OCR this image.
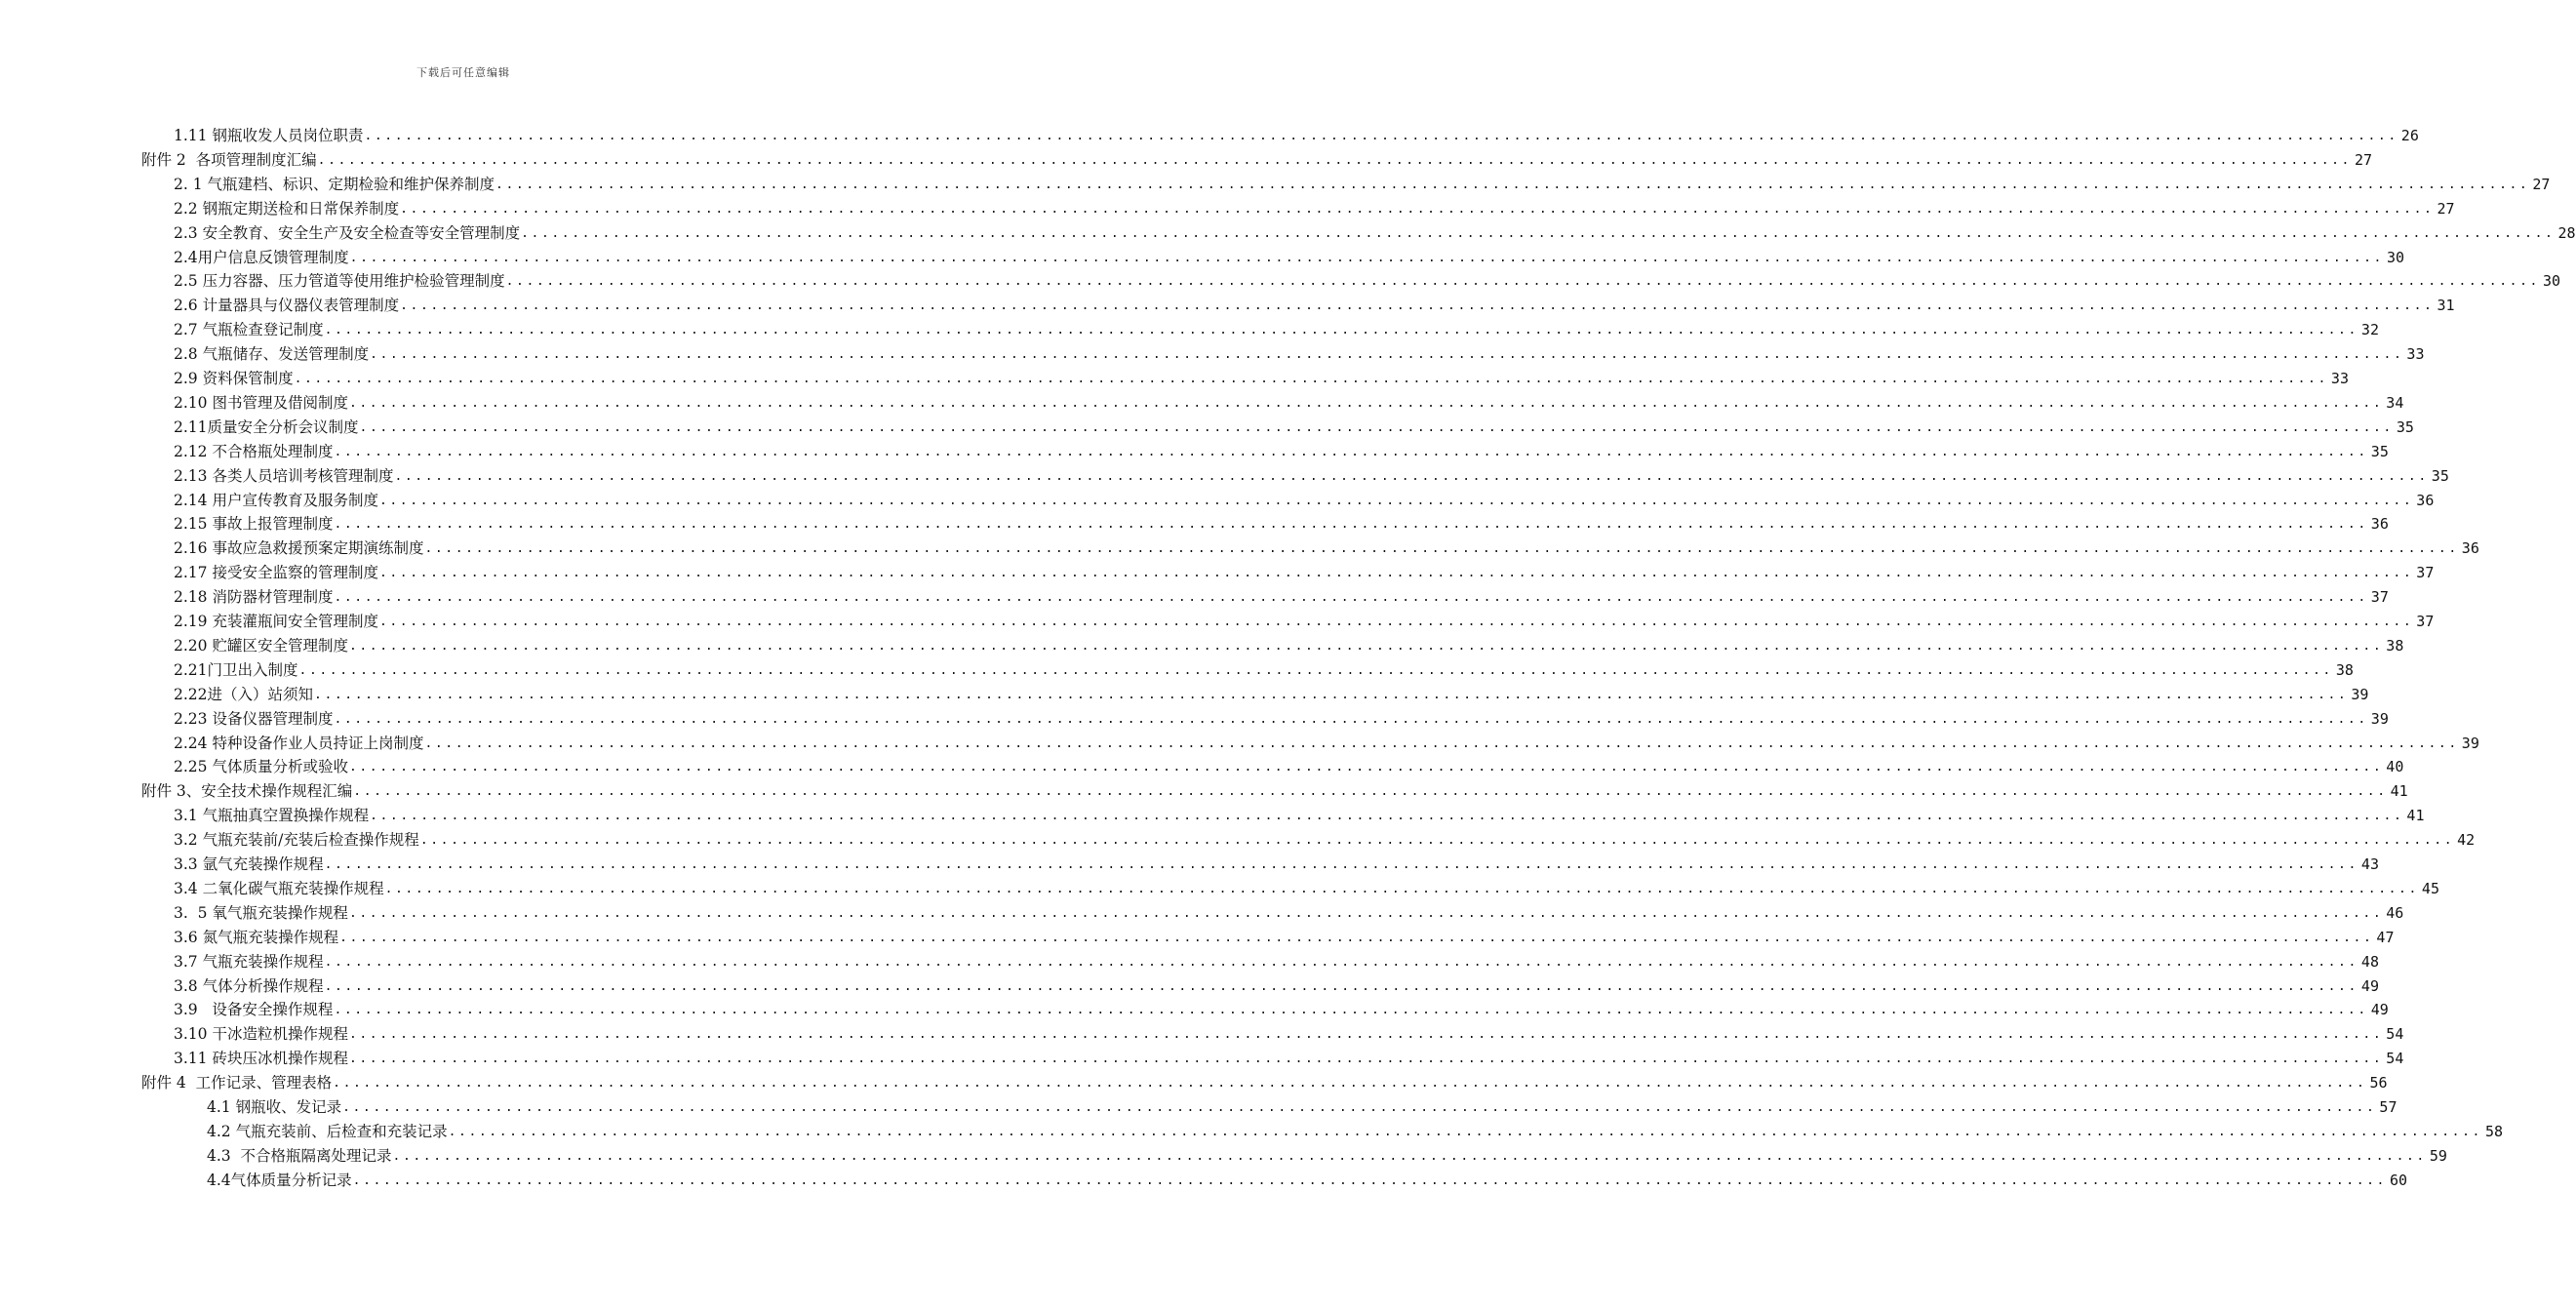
下载后可任意编辑
1.11 钢瓶收发人员岗位职责 ........................................................................................................................................................................................................ 26
附件 2  各项管理制度汇编 ........................................................................................................................................................................................................ 27
2. 1 气瓶建档、标识、定期检验和维护保养制度 ........................................................................................................................................................................................................ 27
2.2 钢瓶定期送检和日常保养制度 ........................................................................................................................................................................................................ 27
2.3 安全教育、安全生产及安全检查等安全管理制度 ........................................................................................................................................................................................................ 28
2.4用户信息反馈管理制度 ........................................................................................................................................................................................................ 30
2.5 压力容器、压力管道等使用维护检验管理制度 ........................................................................................................................................................................................................ 30
2.6 计量器具与仪器仪表管理制度 ........................................................................................................................................................................................................ 31
2.7 气瓶检查登记制度 ........................................................................................................................................................................................................ 32
2.8 气瓶储存、发送管理制度 ........................................................................................................................................................................................................ 33
2.9 资料保管制度 ........................................................................................................................................................................................................ 33
2.10 图书管理及借阅制度 ........................................................................................................................................................................................................ 34
2.11质量安全分析会议制度 ........................................................................................................................................................................................................ 35
2.12 不合格瓶处理制度 ........................................................................................................................................................................................................ 35
2.13 各类人员培训考核管理制度 ........................................................................................................................................................................................................ 35
2.14 用户宣传教育及服务制度 ........................................................................................................................................................................................................ 36
2.15 事故上报管理制度 ........................................................................................................................................................................................................ 36
2.16 事故应急救援预案定期演练制度 ........................................................................................................................................................................................................ 36
2.17 接受安全监察的管理制度 ........................................................................................................................................................................................................ 37
2.18 消防器材管理制度 ........................................................................................................................................................................................................ 37
2.19 充装灌瓶间安全管理制度 ........................................................................................................................................................................................................ 37
2.20 贮罐区安全管理制度 ........................................................................................................................................................................................................ 38
2.21门卫出入制度 ........................................................................................................................................................................................................ 38
2.22进（入）站须知 ........................................................................................................................................................................................................ 39
2.23 设备仪器管理制度 ........................................................................................................................................................................................................ 39
2.24 特种设备作业人员持证上岗制度 ........................................................................................................................................................................................................ 39
2.25 气体质量分析或验收 ........................................................................................................................................................................................................ 40
附件 3、安全技术操作规程汇编 ........................................................................................................................................................................................................ 41
3.1 气瓶抽真空置换操作规程 ........................................................................................................................................................................................................ 41
3.2 气瓶充装前/充装后检查操作规程 ........................................................................................................................................................................................................ 42
3.3 氩气充装操作规程 ........................................................................................................................................................................................................ 43
3.4 二氧化碳气瓶充装操作规程 ........................................................................................................................................................................................................ 45
3.  5 氧气瓶充装操作规程 ........................................................................................................................................................................................................ 46
3.6 氮气瓶充装操作规程 ........................................................................................................................................................................................................ 47
3.7 气瓶充装操作规程 ........................................................................................................................................................................................................ 48
3.8 气体分析操作规程 ........................................................................................................................................................................................................ 49
3.9   设备安全操作规程 ........................................................................................................................................................................................................ 49
3.10 干冰造粒机操作规程 ........................................................................................................................................................................................................ 54
3.11 砖块压冰机操作规程 ........................................................................................................................................................................................................ 54
附件 4  工作记录、管理表格 ........................................................................................................................................................................................................ 56
4.1 钢瓶收、发记录 ........................................................................................................................................................................................................ 57
4.2 气瓶充装前、后检查和充装记录 ........................................................................................................................................................................................................ 58
4.3  不合格瓶隔离处理记录 ........................................................................................................................................................................................................ 59
4.4气体质量分析记录 ........................................................................................................................................................................................................ 60
